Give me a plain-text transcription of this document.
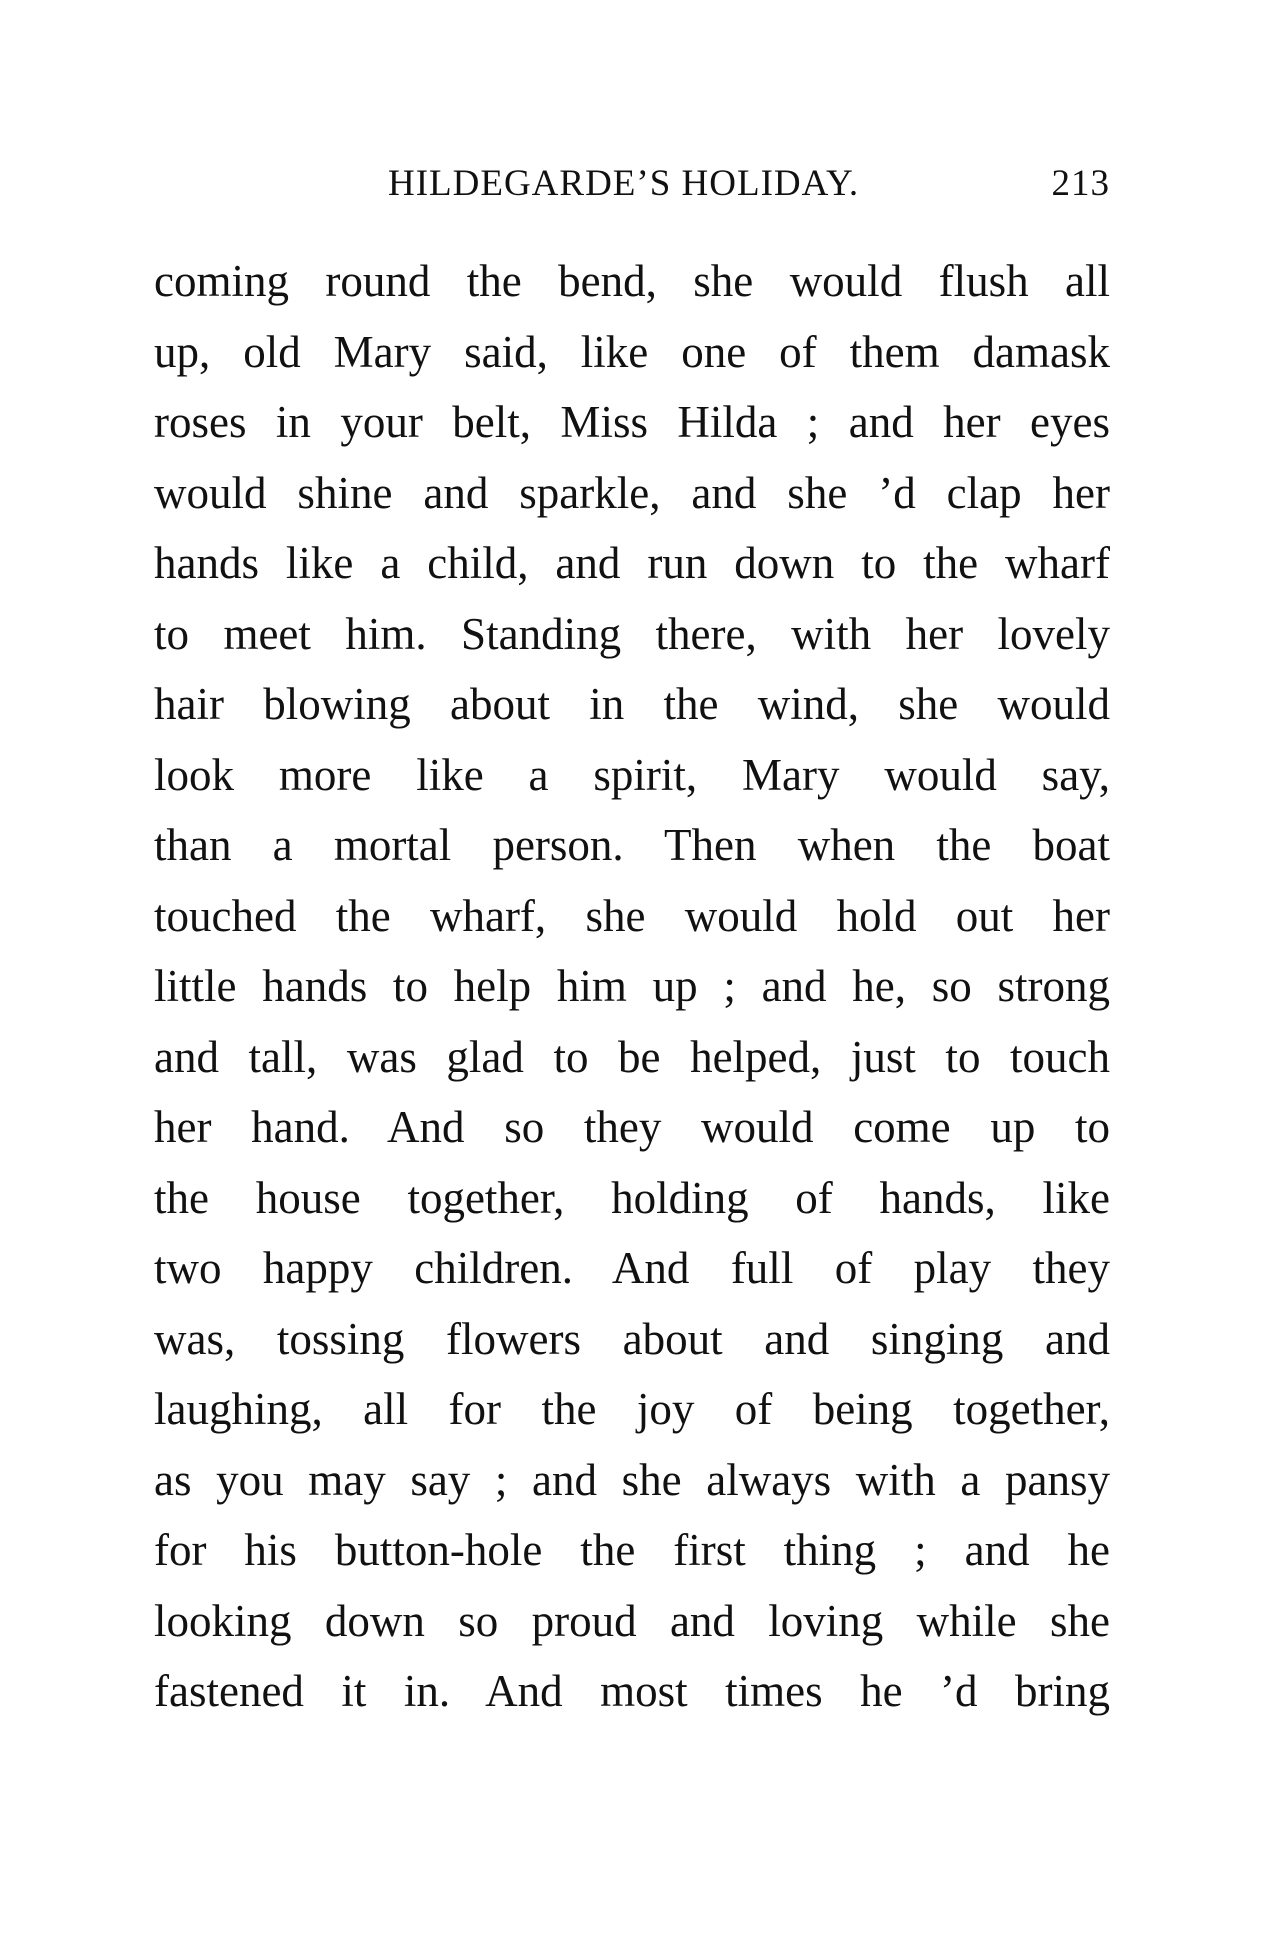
HILDEGARDE’S HOLIDAY.	213
coming round the bend, she would flush all
up, old Mary said, like one of them damask
roses in your belt, Miss Hilda ; and her eyes
would shine and sparkle, and she ’d clap her
hands like a child, and run down to the wharf
to meet him. Standing there, with her lovely
hair blowing about in the wind, she would
look more like a spirit, Mary would say,
than a mortal person. Then when the boat
touched the wharf, she would hold out her
little hands to help him up ; and he, so strong
and tall, was glad to be helped, just to touch
her hand. And so they would come up to
the house together, holding of hands, like
two happy children. And full of play they
was, tossing flowers about and singing and
laughing, all for the joy of being together,
as you may say ; and she always with a pansy
for his button-hole the first thing ; and he
looking down so proud and loving while she
fastened it in. And most times he ’d bring
